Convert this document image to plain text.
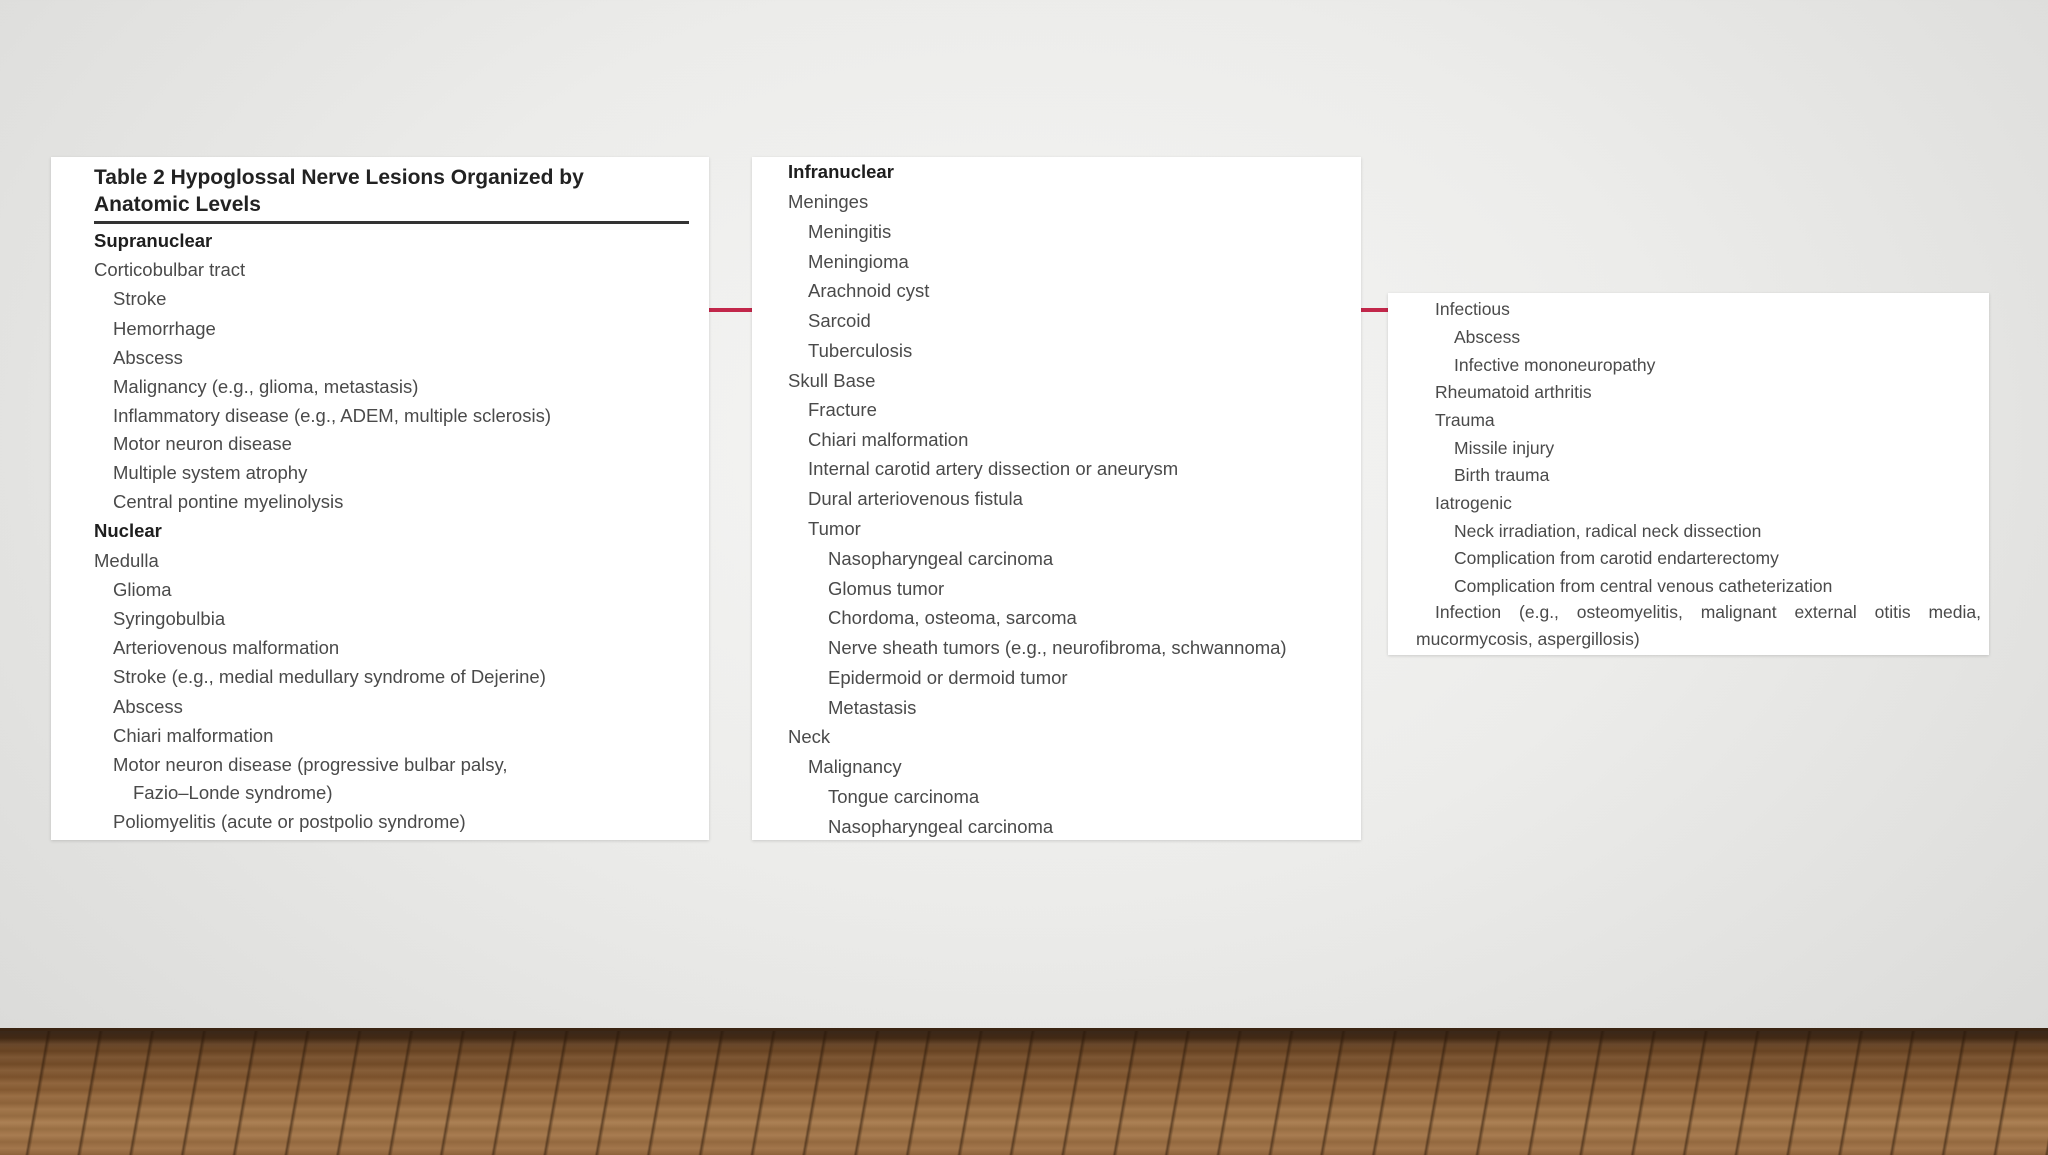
Table 2 Hypoglossal Nerve Lesions Organized by
Anatomic Levels
Supranuclear
Corticobulbar tract
Stroke
Hemorrhage
Abscess
Malignancy (e.g., glioma, metastasis)
Inflammatory disease (e.g., ADEM, multiple sclerosis)
Motor neuron disease
Multiple system atrophy
Central pontine myelinolysis
Nuclear
Medulla
Glioma
Syringobulbia
Arteriovenous malformation
Stroke (e.g., medial medullary syndrome of Dejerine)
Abscess
Chiari malformation
Motor neuron disease (progressive bulbar palsy,
Fazio–Londe syndrome)
Poliomyelitis (acute or postpolio syndrome)
Infranuclear
Meninges
Meningitis
Meningioma
Arachnoid cyst
Sarcoid
Tuberculosis
Skull Base
Fracture
Chiari malformation
Internal carotid artery dissection or aneurysm
Dural arteriovenous fistula
Tumor
Nasopharyngeal carcinoma
Glomus tumor
Chordoma, osteoma, sarcoma
Nerve sheath tumors (e.g., neurofibroma, schwannoma)
Epidermoid or dermoid tumor
Metastasis
Neck
Malignancy
Tongue carcinoma
Nasopharyngeal carcinoma
Infectious
Abscess
Infective mononeuropathy
Rheumatoid arthritis
Trauma
Missile injury
Birth trauma
Iatrogenic
Neck irradiation, radical neck dissection
Complication from carotid endarterectomy
Complication from central venous catheterization
Infection (e.g., osteomyelitis, malignant external otitis media,
mucormycosis, aspergillosis)
